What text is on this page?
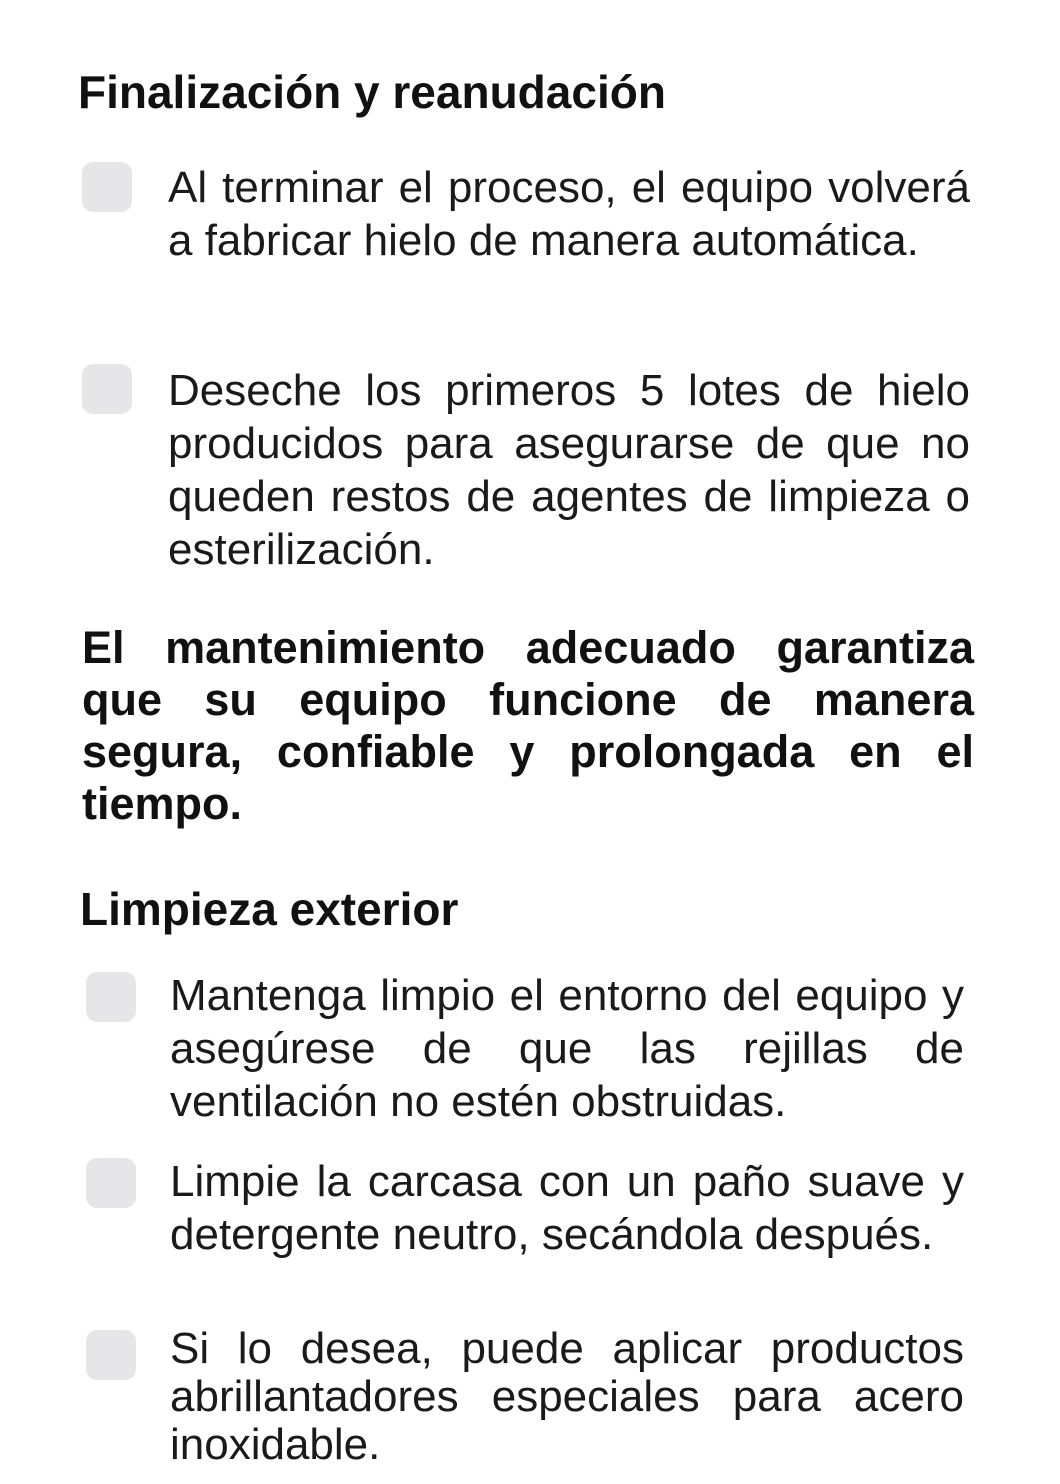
Finalización y reanudación

Al terminar el proceso, el equipo volverá a fabricar hielo de manera automática.

Deseche los primeros 5 lotes de hielo producidos para asegurarse de que no queden restos de agentes de limpieza o esterilización.

El mantenimiento adecuado garantiza que su equipo funcione de manera segura, confiable y prolongada en el tiempo.

Limpieza exterior

Mantenga limpio el entorno del equipo y asegúrese de que las rejillas de ventilación no estén obstruidas.

Limpie la carcasa con un paño suave y detergente neutro, secándola después.

Si lo desea, puede aplicar productos abrillantadores especiales para acero inoxidable.
